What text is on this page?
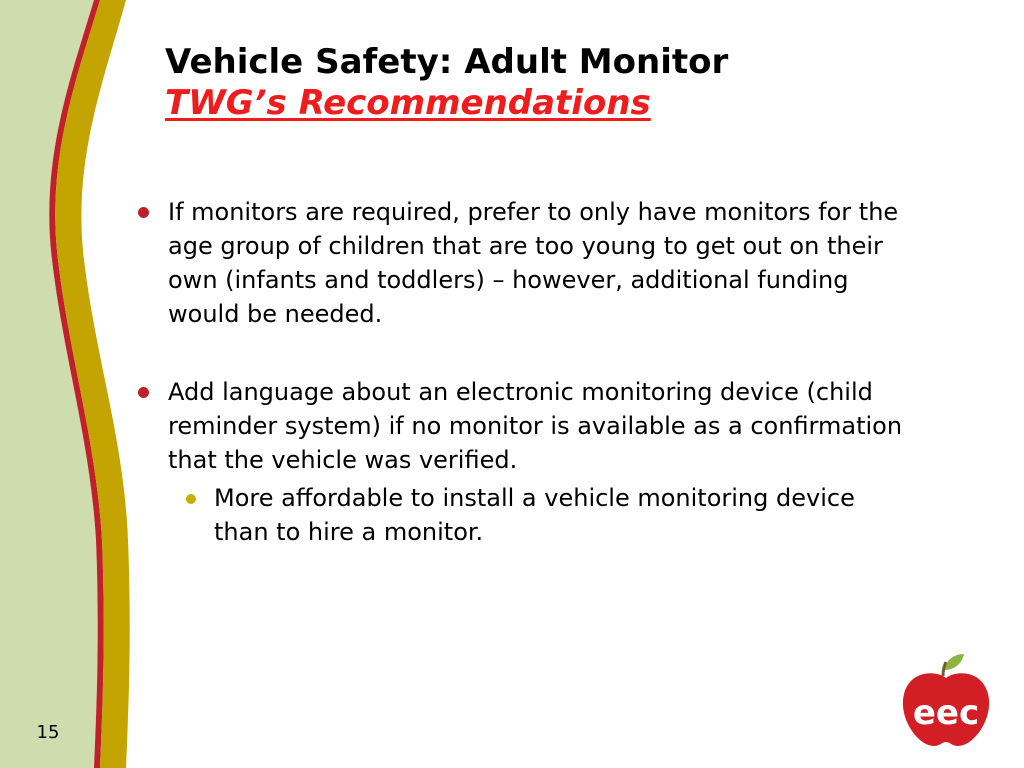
15

Vehicle Safety: Adult Monitor

TWG’s Recommendations

If monitors are required, prefer to only have monitors for the age group of children that are too young to get out on their own (infants and toddlers) – however, additional funding would be needed.
Add language about an electronic monitoring device (child reminder system) if no monitor is available as a confirmation that the vehicle was verified.
More affordable to install a vehicle monitoring device than to hire a monitor.
eec
